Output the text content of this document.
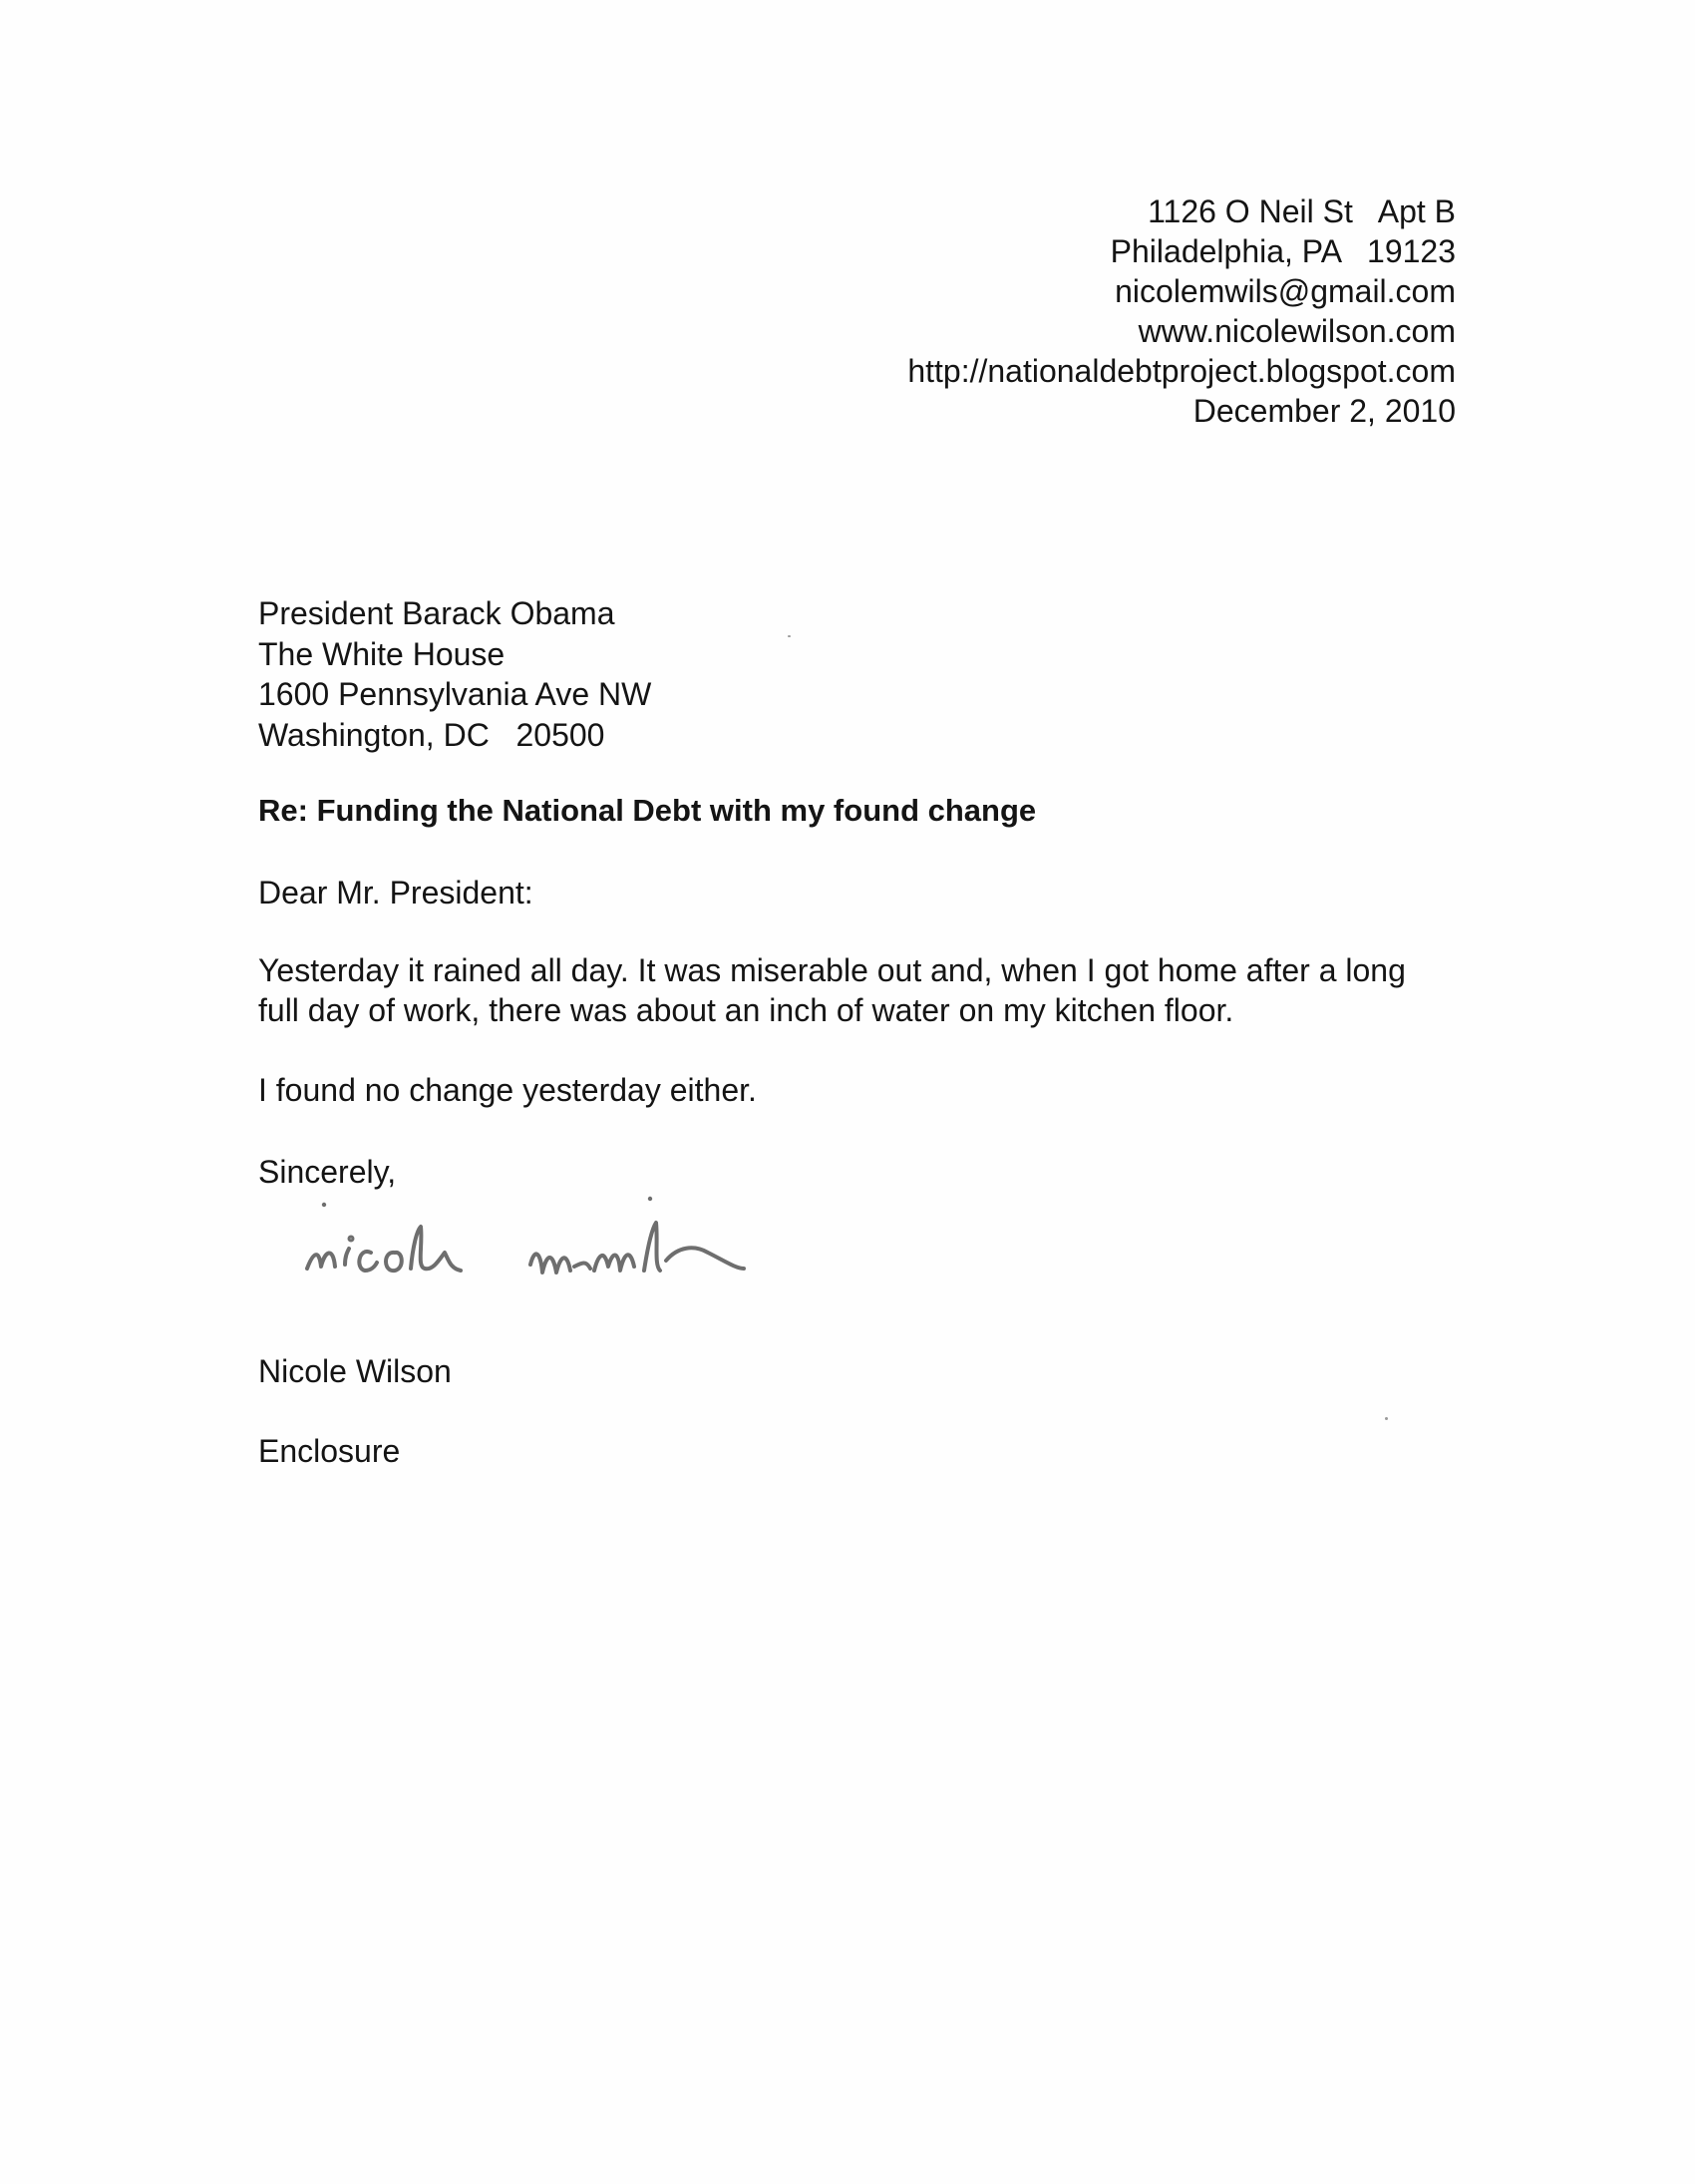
1126 O Neil St   Apt B
Philadelphia, PA   19123
nicolemwils@gmail.com
www.nicolewilson.com
http://nationaldebtproject.blogspot.com
December 2, 2010
President Barack Obama
The White House
1600 Pennsylvania Ave NW
Washington, DC   20500
Re: Funding the National Debt with my found change
Dear Mr. President:
Yesterday it rained all day. It was miserable out and, when I got home after a long full day of work, there was about an inch of water on my kitchen floor.
I found no change yesterday either.
Sincerely,
Nicole Wilson
Enclosure
